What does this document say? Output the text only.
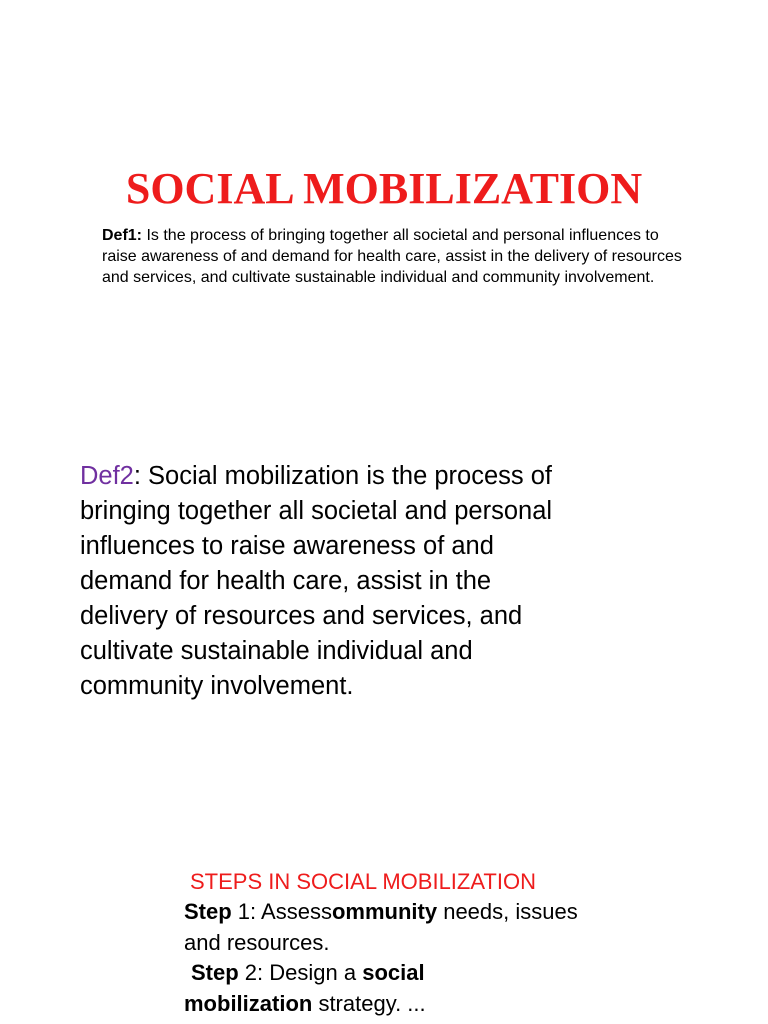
SOCIAL MOBILIZATION

Def1: Is the process of bringing together all societal and personal influences to raise awareness of and demand for health care, assist in the delivery of resources and services, and cultivate sustainable individual and community involvement.

Def2: Social mobilization is the process of bringing together all societal and personal influences to raise awareness of and demand for health care, assist in the delivery of resources and services, and cultivate sustainable individual and community involvement.

STEPS IN SOCIAL MOBILIZATION

Step 1: Assessommunity needs, issues and resources.
Step 2: Design a social
mobilization strategy. ...
